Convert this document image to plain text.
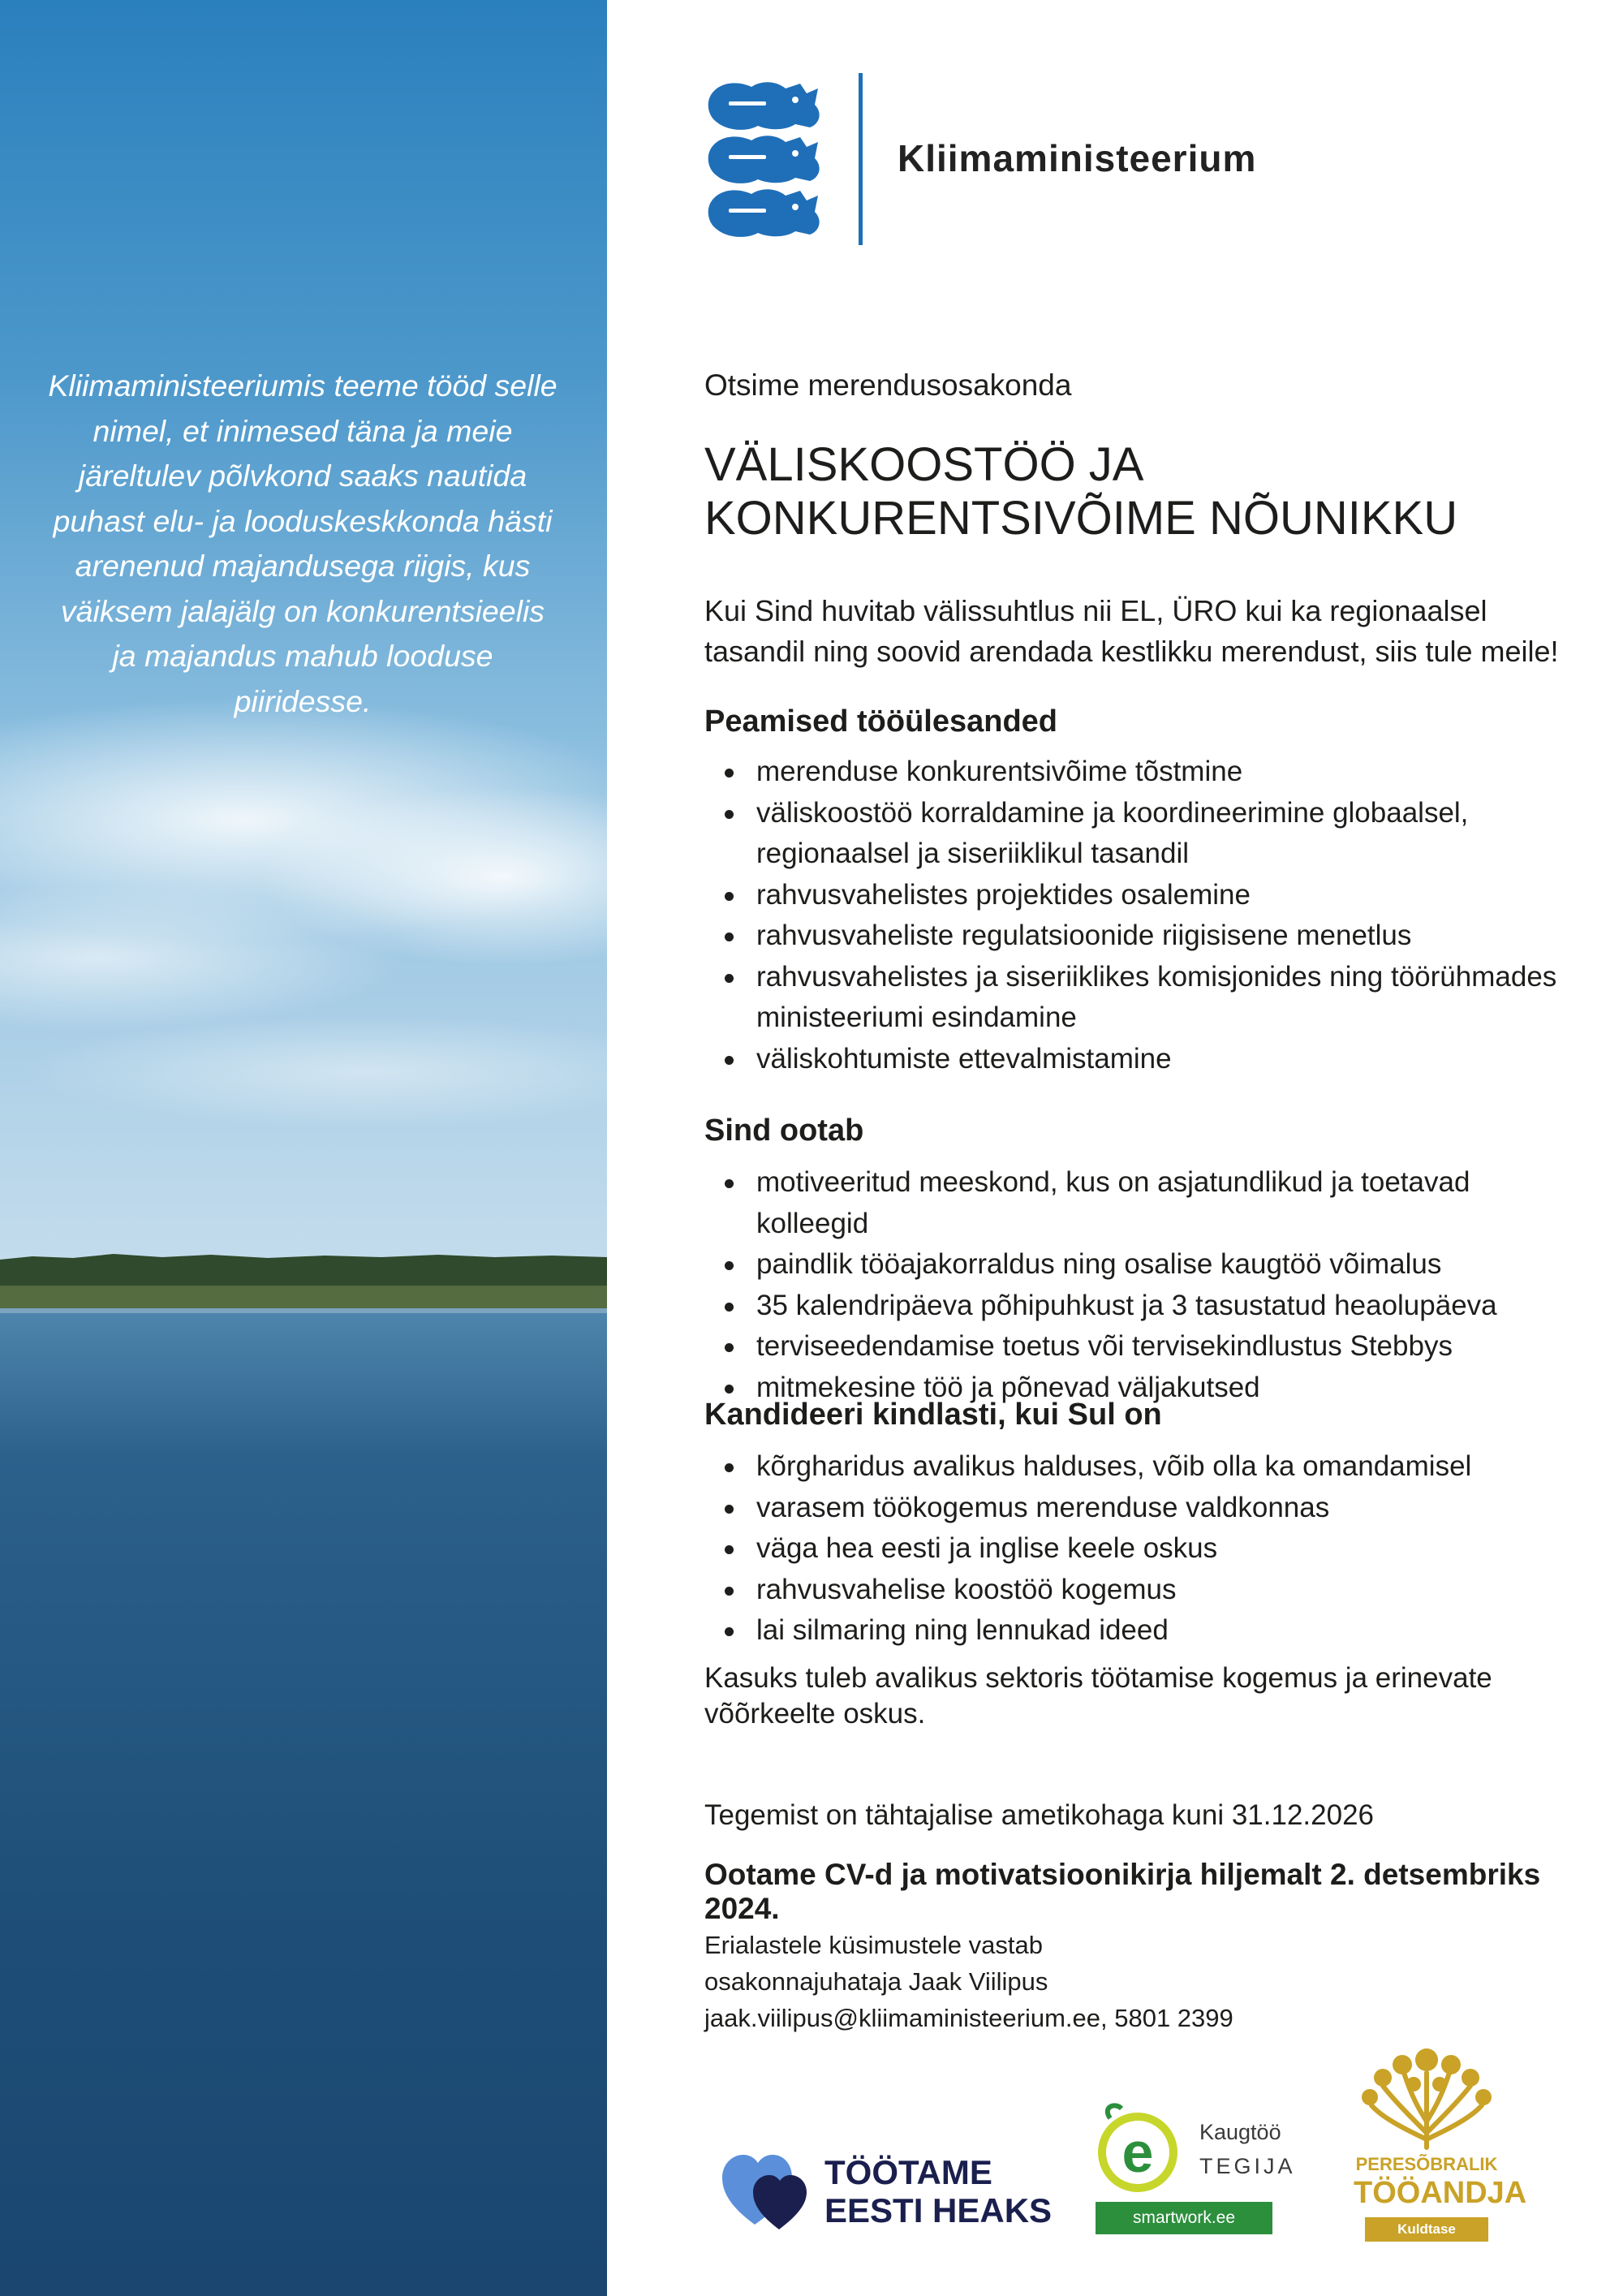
Kliimaministeeriumis teeme tööd selle nimel, et inimesed täna ja meie järeltulev põlvkond saaks nautida puhast elu- ja looduskeskkonda hästi arenenud majandusega riigis, kus väiksem jalajälg on konkurentsieelis ja majandus mahub looduse piiridesse.

Kliimaministeerium

Otsime merendusosakonda

VÄLISKOOSTÖÖ JA
KONKURENTSIVÕIME NÕUNIKKU

Kui Sind huvitab välissuhtlus nii EL, ÜRO kui ka regionaalsel tasandil ning soovid arendada kestlikku merendust, siis tule meile!

Peamised tööülesanded
merenduse konkurentsivõime tõstmine
väliskoostöö korraldamine ja koordineerimine globaalsel, regionaalsel ja siseriiklikul tasandil
rahvusvahelistes projektides osalemine
rahvusvaheliste regulatsioonide riigisisene menetlus
rahvusvahelistes ja siseriiklikes komisjonides ning töörühmades ministeeriumi esindamine
väliskohtumiste ettevalmistamine
Sind ootab
motiveeritud meeskond, kus on asjatundlikud ja toetavad kolleegid
paindlik tööajakorraldus ning osalise kaugtöö võimalus
35 kalendripäeva põhipuhkust ja 3 tasustatud heaolupäeva
terviseedendamise toetus või tervisekindlustus Stebbys
mitmekesine töö ja põnevad väljakutsed
Kandideeri kindlasti, kui Sul on
kõrgharidus avalikus halduses, võib olla ka omandamisel
varasem töökogemus merenduse valdkonnas
väga hea eesti ja inglise keele oskus
rahvusvahelise koostöö kogemus
lai silmaring ning lennukad ideed

Kasuks tuleb avalikus sektoris töötamise kogemus ja erinevate võõrkeelte oskus.

Tegemist on tähtajalise ametikohaga kuni 31.12.2026

Ootame CV-d ja motivatsioonikirja hiljemalt 2. detsembriks 2024.

Erialastele küsimustele vastab

osakonnajuhataja Jaak Viilipus

jaak.viilipus@kliimaministeerium.ee, 5801 2399

TÖÖTAME
EESTI HEAKS

e Kaugtöö
TEGIJA

smartwork.ee

PERESÕBRALIK
TÖÖANDJA

Kuldtase
